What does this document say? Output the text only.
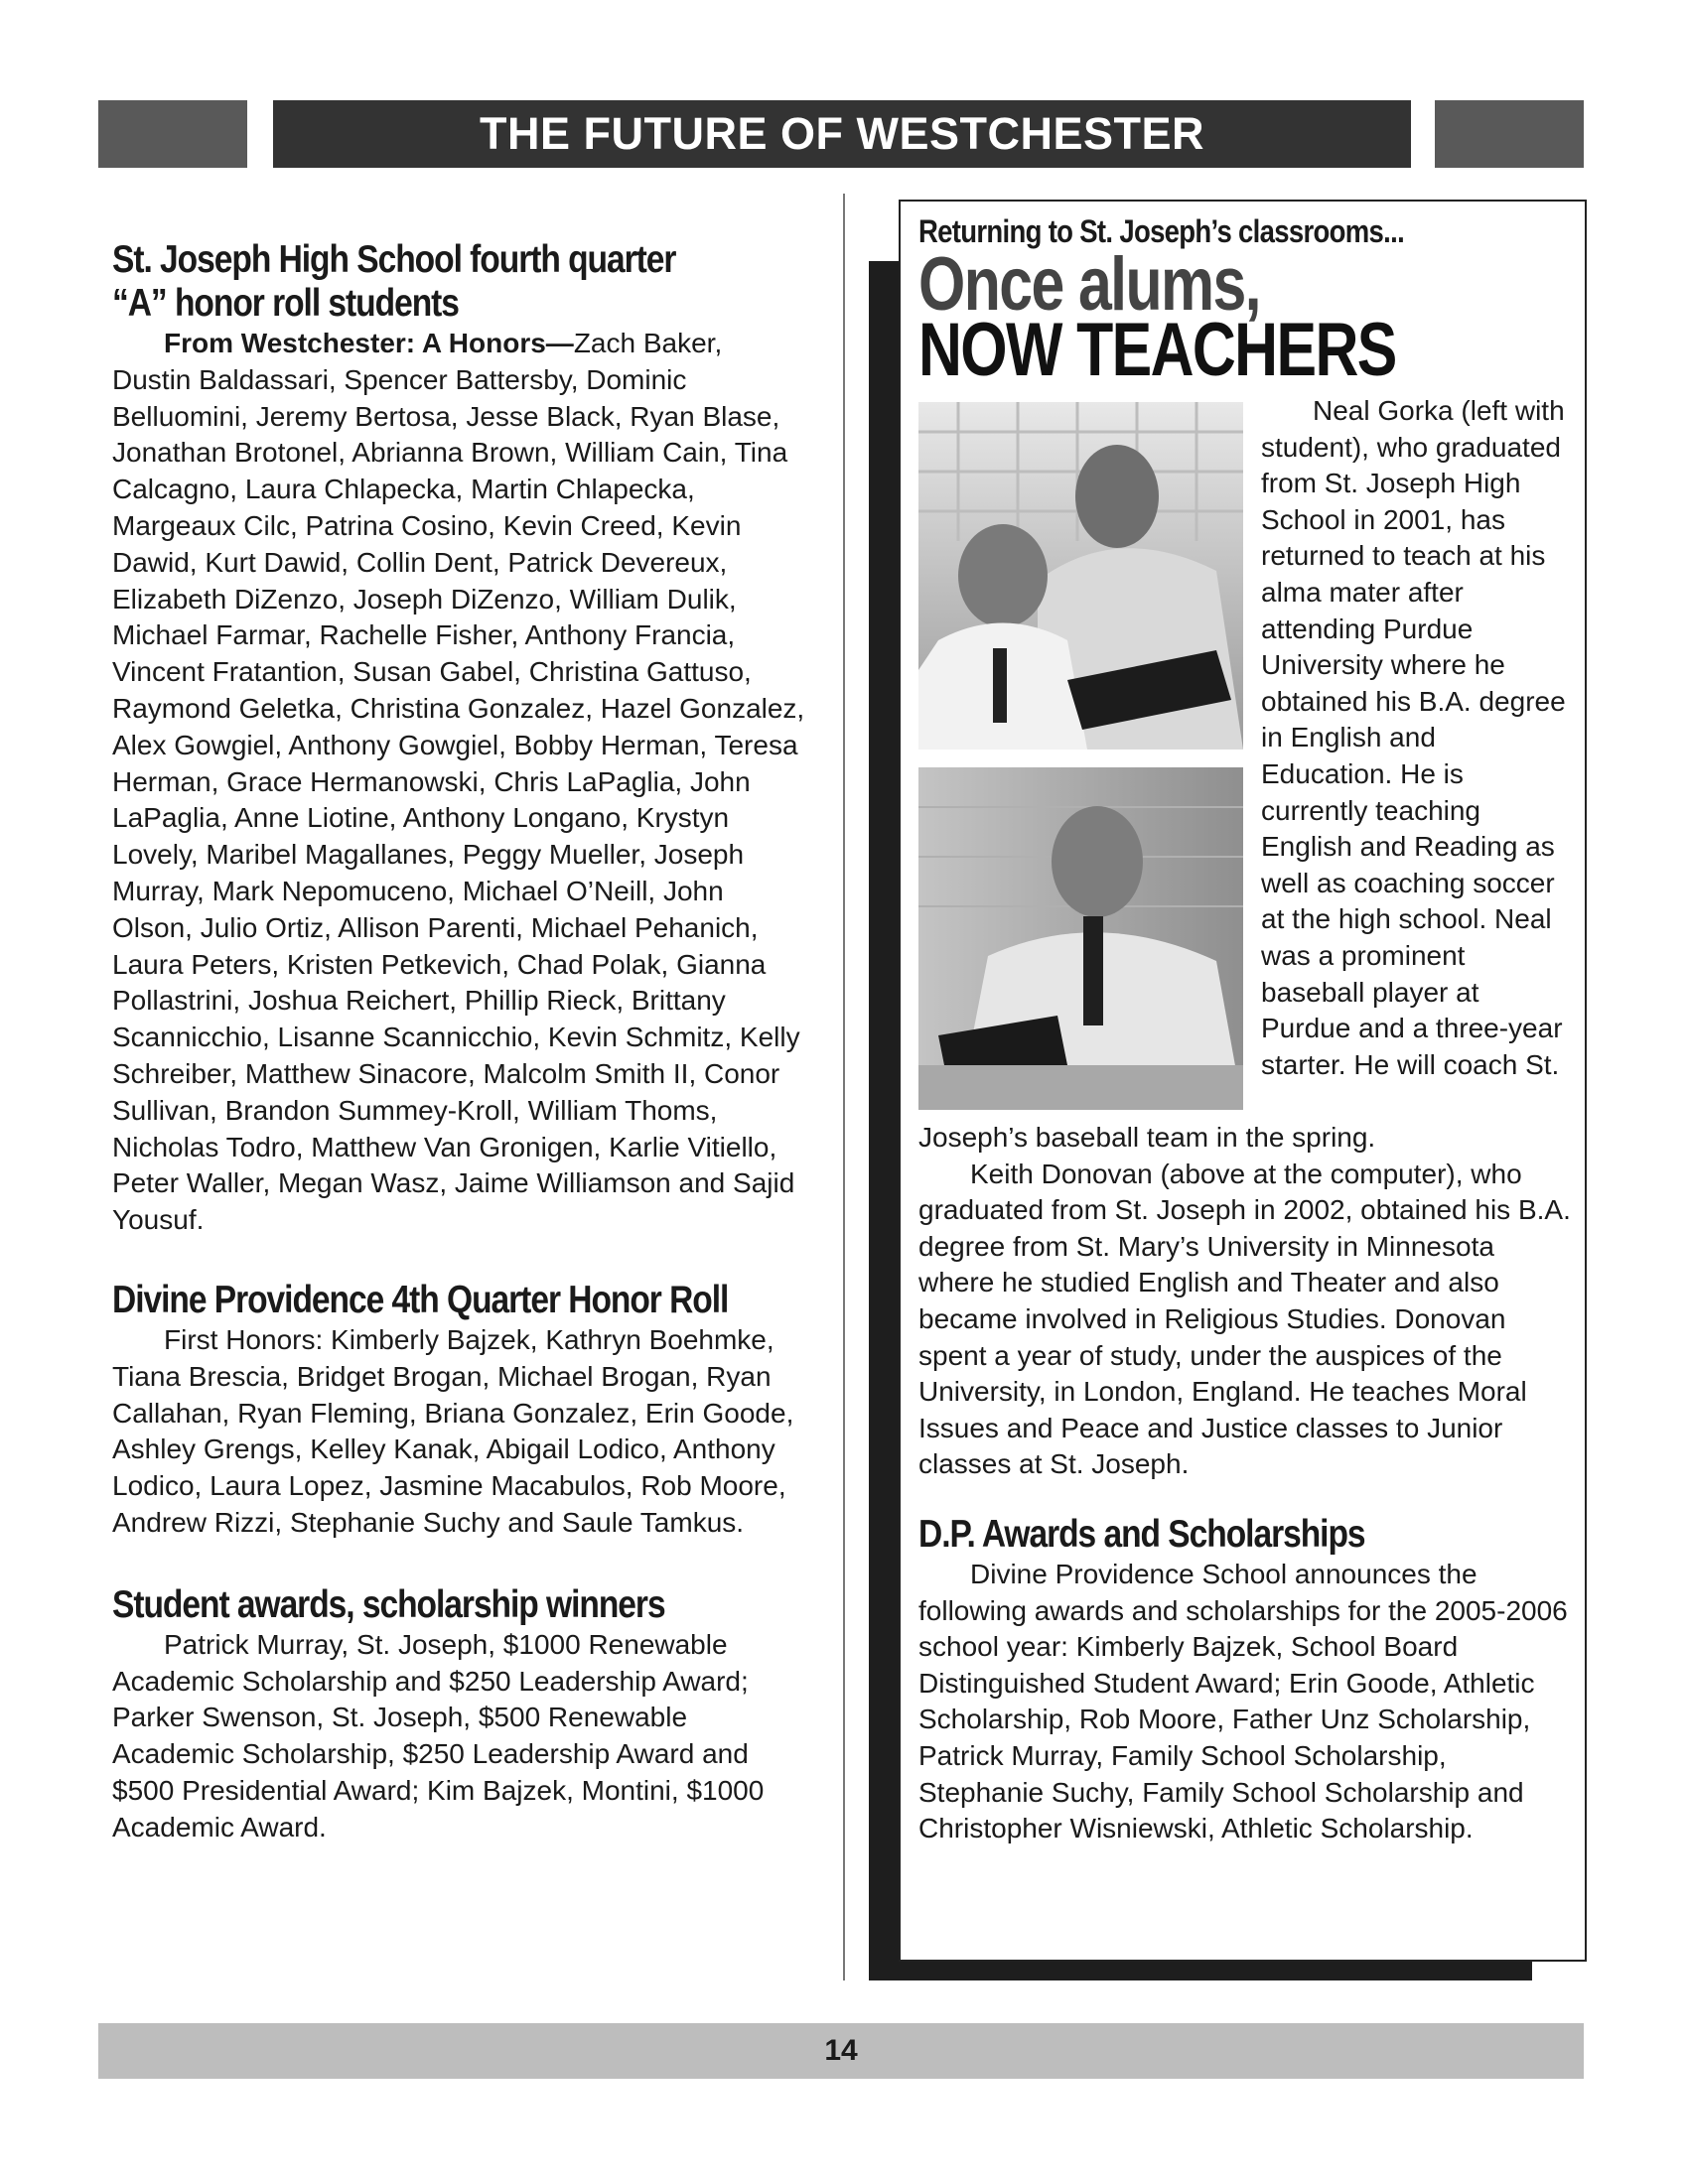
THE FUTURE OF WESTCHESTER
St. Joseph High School fourth quarter
“A” honor roll students

From Westchester: A Honors—Zach Baker, Dustin Baldassari, Spencer Battersby, Dominic Belluomini, Jeremy Bertosa, Jesse Black, Ryan Blase, Jonathan Brotonel, Abrianna Brown, William Cain, Tina Calcagno, Laura Chlapecka, Martin Chlapecka, Margeaux Cilc, Patrina Cosino, Kevin Creed, Kevin Dawid, Kurt Dawid, Collin Dent, Patrick Devereux, Elizabeth DiZenzo, Joseph DiZenzo, William Dulik, Michael Farmar, Rachelle Fisher, Anthony Francia, Vincent Fratantion, Susan Gabel, Christina Gattuso, Raymond Geletka, Christina Gonzalez, Hazel Gonzalez, Alex Gowgiel, Anthony Gowgiel, Bobby Herman, Teresa Herman, Grace Hermanowski, Chris LaPaglia, John LaPaglia, Anne Liotine, Anthony Longano, Krystyn Lovely, Maribel Magallanes, Peggy Mueller, Joseph Murray, Mark Nepomuceno, Michael O’Neill, John Olson, Julio Ortiz, Allison Parenti, Michael Pehanich, Laura Peters, Kristen Petkevich, Chad Polak, Gianna Pollastrini, Joshua Reichert, Phillip Rieck, Brittany Scannicchio, Lisanne Scannicchio, Kevin Schmitz, Kelly Schreiber, Matthew Sinacore, Malcolm Smith II, Conor Sullivan, Brandon Summey-Kroll, William Thoms, Nicholas Todro, Matthew Van Gronigen, Karlie Vitiello, Peter Waller, Megan Wasz, Jaime Williamson and Sajid Yousuf.

Divine Providence 4th Quarter Honor Roll

First Honors: Kimberly Bajzek, Kathryn Boehmke, Tiana Brescia, Bridget Brogan, Michael Brogan, Ryan Callahan, Ryan Fleming, Briana Gonzalez, Erin Goode, Ashley Grengs, Kelley Kanak, Abigail Lodico, Anthony Lodico, Laura Lopez, Jasmine Macabulos, Rob Moore, Andrew Rizzi, Stephanie Suchy and Saule Tamkus.

Student awards, scholarship winners

Patrick Murray, St. Joseph, $1000 Renewable Academic Scholarship and $250 Leadership Award; Parker Swenson, St. Joseph, $500 Renewable Academic Scholarship, $250 Leadership Award and $500 Presidential Award; Kim Bajzek, Montini, $1000 Academic Award.

Returning to St. Joseph’s classrooms...
Once alums,
NOW TEACHERS

Neal Gorka (left with student), who graduated from St. Joseph High School in 2001, has returned to teach at his alma mater after attending Purdue University where he obtained his B.A. degree in English and Education. He is currently teaching English and Reading as well as coaching soccer at the high school. Neal was a prominent baseball player at Purdue and a three-year starter. He will coach St.

Joseph’s baseball team in the spring.

Keith Donovan (above at the computer), who graduated from St. Joseph in 2002, obtained his B.A. degree from St. Mary’s University in Minnesota where he studied English and Theater and also became involved in Religious Studies. Donovan spent a year of study, under the auspices of the University, in London, England. He teaches Moral Issues and Peace and Justice classes to Junior classes at St. Joseph.

D.P. Awards and Scholarships

Divine Providence School announces the following awards and scholarships for the 2005-2006 school year: Kimberly Bajzek, School Board Distinguished Student Award; Erin Goode, Athletic Scholarship, Rob Moore, Father Unz Scholarship, Patrick Murray, Family School Scholarship, Stephanie Suchy, Family School Scholarship and Christopher Wisniewski, Athletic Scholarship.

14
